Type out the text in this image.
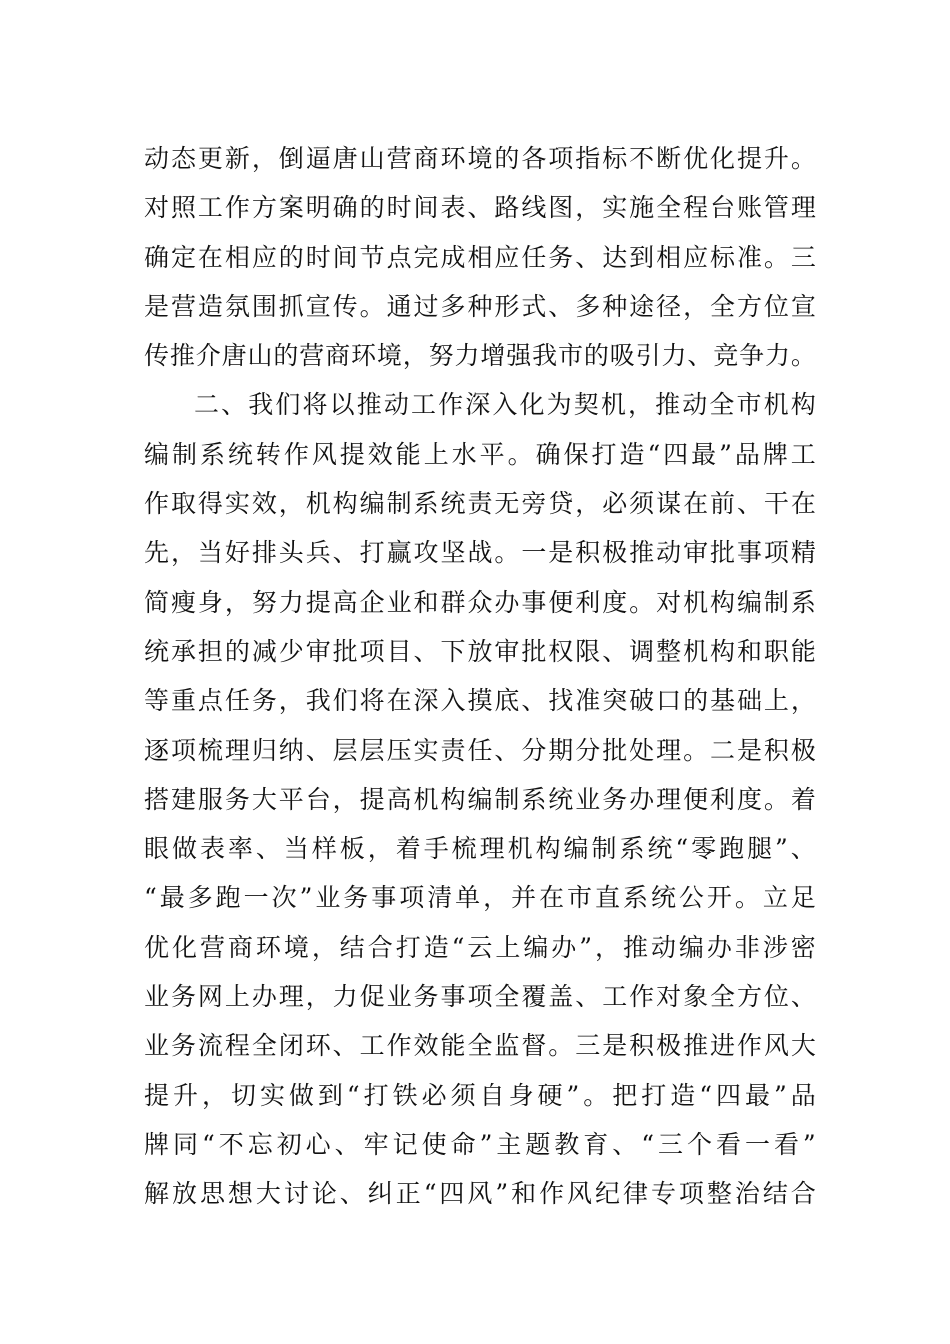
动 态 更 新 ， 倒 逼 唐 山 营 商 环 境 的 各 项 指 标 不 断 优 化 提 升 。
对 照 工 作 方 案 明 确 的 时 间 表 、 路 线 图 ， 实 施 全 程 台 账 管 理
确 定 在 相 应 的 时 间 节 点 完 成 相 应 任 务 、 达 到 相 应 标 准 。 三
是 营 造 氛 围 抓 宣 传 。 通 过 多 种 形 式 、 多 种 途 径 ， 全 方 位 宣
传 推 介 唐 山 的 营 商 环 境 ， 努 力 增 强 我 市 的 吸 引 力 、 竞 争 力 。
二 、 我 们 将 以 推 动 工 作 深 入 化 为 契 机 ， 推 动 全 市 机 构
编 制 系 统 转 作 风 提 效 能 上 水 平 。 确 保 打 造 “ 四 最 ” 品 牌 工
作 取 得 实 效 ， 机 构 编 制 系 统 责 无 旁 贷 ， 必 须 谋 在 前 、 干 在
先 ， 当 好 排 头 兵 、 打 赢 攻 坚 战 。 一 是 积 极 推 动 审 批 事 项 精
简 瘦 身 ， 努 力 提 高 企 业 和 群 众 办 事 便 利 度 。 对 机 构 编 制 系
统 承 担 的 减 少 审 批 项 目 、 下 放 审 批 权 限 、 调 整 机 构 和 职 能
等 重 点 任 务 ， 我 们 将 在 深 入 摸 底 、 找 准 突 破 口 的 基 础 上 ，
逐 项 梳 理 归 纳 、 层 层 压 实 责 任 、 分 期 分 批 处 理 。 二 是 积 极
搭 建 服 务 大 平 台 ， 提 高 机 构 编 制 系 统 业 务 办 理 便 利 度 。 着
眼 做 表 率 、 当 样 板 ， 着 手 梳 理 机 构 编 制 系 统 “ 零 跑 腿 ” 、
“ 最 多 跑 一 次 ” 业 务 事 项 清 单 ， 并 在 市 直 系 统 公 开 。 立 足
优 化 营 商 环 境 ， 结 合 打 造 “ 云 上 编 办 ” ， 推 动 编 办 非 涉 密
业 务 网 上 办 理 ， 力 促 业 务 事 项 全 覆 盖 、 工 作 对 象 全 方 位 、
业 务 流 程 全 闭 环 、 工 作 效 能 全 监 督 。 三 是 积 极 推 进 作 风 大
提 升 ， 切 实 做 到 “ 打 铁 必 须 自 身 硬 ” 。 把 打 造 “ 四 最 ” 品
牌 同 “ 不 忘 初 心 、 牢 记 使 命 ” 主 题 教 育 、 “ 三 个 看 一 看 ”
解 放 思 想 大 讨 论 、 纠 正 “ 四 风 ” 和 作 风 纪 律 专 项 整 治 结 合
